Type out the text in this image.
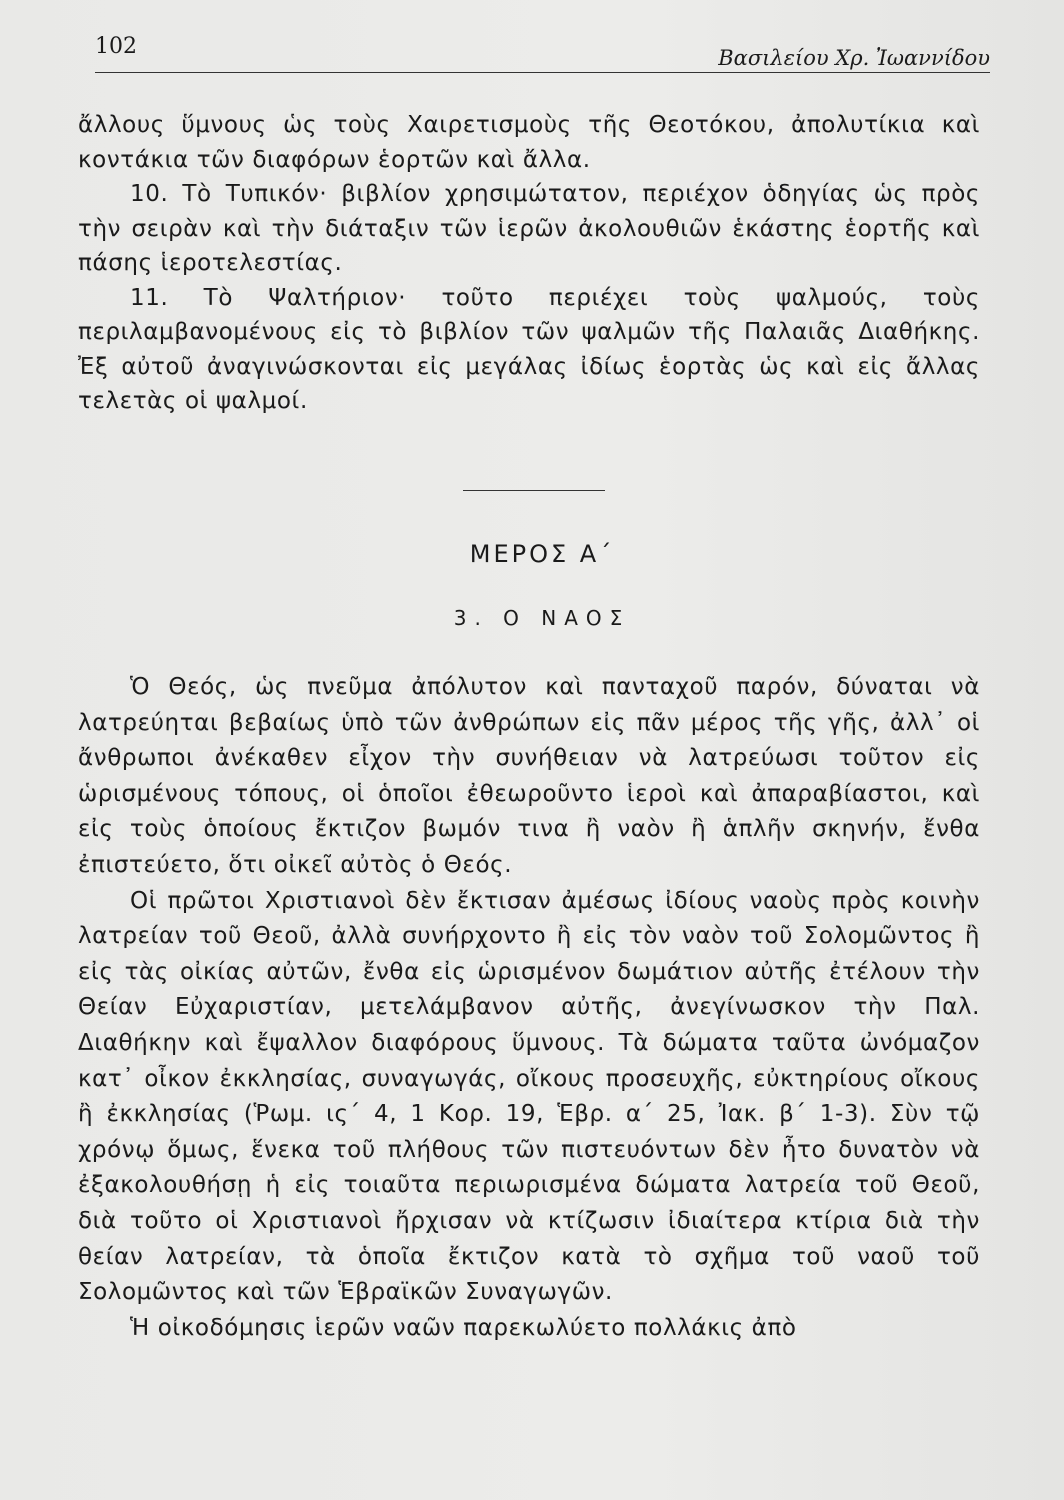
102	Βασιλείου Χρ. Ἰωαννίδου

ἄλλους ὕμνους ὡς τοὺς Χαιρετισμοὺς τῆς Θεοτόκου, ἀπολυτίκια καὶ κοντάκια τῶν διαφόρων ἑορτῶν καὶ ἄλλα.

10. Τὸ Τυπικόν· βιβλίον χρησιμώτατον, περιέχον ὁδηγίας ὡς πρὸς τὴν σειρὰν καὶ τὴν διάταξιν τῶν ἱερῶν ἀκολουθιῶν ἑκάστης ἑορτῆς καὶ πάσης ἱεροτελεστίας.

11. Τὸ Ψαλτήριον· τοῦτο περιέχει τοὺς ψαλμούς, τοὺς περιλαμβανομένους εἰς τὸ βιβλίον τῶν ψαλμῶν τῆς Παλαιᾶς Διαθήκης. Ἐξ αὐτοῦ ἀναγινώσκονται εἰς μεγάλας ἰδίως ἑορτὰς ὡς καὶ εἰς ἄλλας τελετὰς οἱ ψαλμοί.

ΜΕΡΟΣ Α΄
3. Ο ΝΑΟΣ

Ὁ Θεός, ὡς πνεῦμα ἀπόλυτον καὶ πανταχοῦ παρόν, δύναται νὰ λατρεύηται βεβαίως ὑπὸ τῶν ἀνθρώπων εἰς πᾶν μέρος τῆς γῆς, ἀλλ᾽ οἱ ἄνθρωποι ἀνέκαθεν εἶχον τὴν συνήθειαν νὰ λατρεύωσι τοῦτον εἰς ὡρισμένους τόπους, οἱ ὁποῖοι ἐθεωροῦντο ἱεροὶ καὶ ἀπαραβίαστοι, καὶ εἰς τοὺς ὁποίους ἔκτιζον βωμόν τινα ἢ ναὸν ἢ ἁπλῆν σκηνήν, ἔνθα ἐπιστεύετο, ὅτι οἰκεῖ αὐτὸς ὁ Θεός.

Οἱ πρῶτοι Χριστιανοὶ δὲν ἔκτισαν ἀμέσως ἰδίους ναοὺς πρὸς κοινὴν λατρείαν τοῦ Θεοῦ, ἀλλὰ συνήρχοντο ἢ εἰς τὸν ναὸν τοῦ Σολομῶντος ἢ εἰς τὰς οἰκίας αὐτῶν, ἔνθα εἰς ὡρισμένον δωμάτιον αὐτῆς ἐτέλουν τὴν Θείαν Εὐχαριστίαν, μετελάμβανον αὐτῆς, ἀνεγίνωσκον τὴν Παλ. Διαθήκην καὶ ἔψαλλον διαφόρους ὕμνους. Τὰ δώματα ταῦτα ὠνόμαζον κατ᾽ οἶκον ἐκκλησίας, συναγωγάς, οἴκους προσευχῆς, εὐκτηρίους οἴκους ἢ ἐκκλησίας (Ῥωμ. ις΄ 4, 1 Κορ. 19, Ἑβρ. α΄ 25, Ἰακ. β΄ 1-3). Σὺν τῷ χρόνῳ ὅμως, ἕνεκα τοῦ πλήθους τῶν πιστευόντων δὲν ἦτο δυνατὸν νὰ ἐξακολουθήσῃ ἡ εἰς τοιαῦτα περιωρισμένα δώματα λατρεία τοῦ Θεοῦ, διὰ τοῦτο οἱ Χριστιανοὶ ἤρχισαν νὰ κτίζωσιν ἰδιαίτερα κτίρια διὰ τὴν θείαν λατρείαν, τὰ ὁποῖα ἔκτιζον κατὰ τὸ σχῆμα τοῦ ναοῦ τοῦ Σολομῶντος καὶ τῶν Ἑβραϊκῶν Συναγωγῶν.

Ἡ οἰκοδόμησις ἱερῶν ναῶν παρεκωλύετο πολλάκις ἀπὸ
